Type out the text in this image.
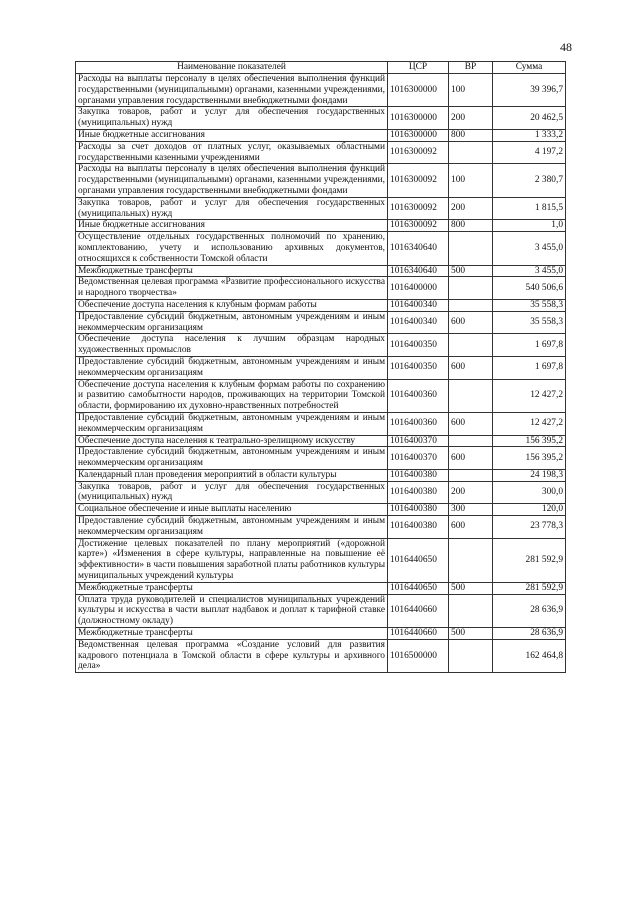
48
Наименование показателей	ЦСР	ВР	Сумма
Расходы на выплаты персоналу в целях обеспечения выполнения функций государственными (муниципальными) органами, казенными учреждениями, органами управления государственными внебюджетными фондами	1016300000	100	39 396,7
Закупка товаров, работ и услуг для обеспечения государственных (муниципальных) нужд	1016300000	200	20 462,5
Иные бюджетные ассигнования	1016300000	800	1 333,2
Расходы за счет доходов от платных услуг, оказываемых областными государственными казенными учреждениями	1016300092		4 197,2
Расходы на выплаты персоналу в целях обеспечения выполнения функций государственными (муниципальными) органами, казенными учреждениями, органами управления государственными внебюджетными фондами	1016300092	100	2 380,7
Закупка товаров, работ и услуг для обеспечения государственных (муниципальных) нужд	1016300092	200	1 815,5
Иные бюджетные ассигнования	1016300092	800	1,0
Осуществление отдельных государственных полномочий по хранению, комплектованию, учету и использованию архивных документов, относящихся к собственности Томской области	1016340640		3 455,0
Межбюджетные трансферты	1016340640	500	3 455,0
Ведомственная целевая программа «Развитие профессионального искусства и народного творчества»	1016400000		540 506,6
Обеспечение доступа населения к клубным формам работы	1016400340		35 558,3
Предоставление субсидий бюджетным, автономным учреждениям и иным некоммерческим организациям	1016400340	600	35 558,3
Обеспечение доступа населения к лучшим образцам народных художественных промыслов	1016400350		1 697,8
Предоставление субсидий бюджетным, автономным учреждениям и иным некоммерческим организациям	1016400350	600	1 697,8
Обеспечение доступа населения к клубным формам работы по сохранению и развитию самобытности народов, проживающих на территории Томской области, формированию их духовно-нравственных потребностей	1016400360		12 427,2
Предоставление субсидий бюджетным, автономным учреждениям и иным некоммерческим организациям	1016400360	600	12 427,2
Обеспечение доступа населения к театрально-зрелищному искусству	1016400370		156 395,2
Предоставление субсидий бюджетным, автономным учреждениям и иным некоммерческим организациям	1016400370	600	156 395,2
Календарный план проведения мероприятий в области культуры	1016400380		24 198,3
Закупка товаров, работ и услуг для обеспечения государственных (муниципальных) нужд	1016400380	200	300,0
Социальное обеспечение и иные выплаты населению	1016400380	300	120,0
Предоставление субсидий бюджетным, автономным учреждениям и иным некоммерческим организациям	1016400380	600	23 778,3
Достижение целевых показателей по плану мероприятий («дорожной карте») «Изменения в сфере культуры, направленные на повышение её эффективности» в части повышения заработной платы работников культуры муниципальных учреждений культуры	1016440650		281 592,9
Межбюджетные трансферты	1016440650	500	281 592,9
Оплата труда руководителей и специалистов муниципальных учреждений культуры и искусства в части выплат надбавок и доплат к тарифной ставке (должностному окладу)	1016440660		28 636,9
Межбюджетные трансферты	1016440660	500	28 636,9
Ведомственная целевая программа «Создание условий для развития кадрового потенциала в Томской области в сфере культуры и архивного дела»	1016500000		162 464,8
